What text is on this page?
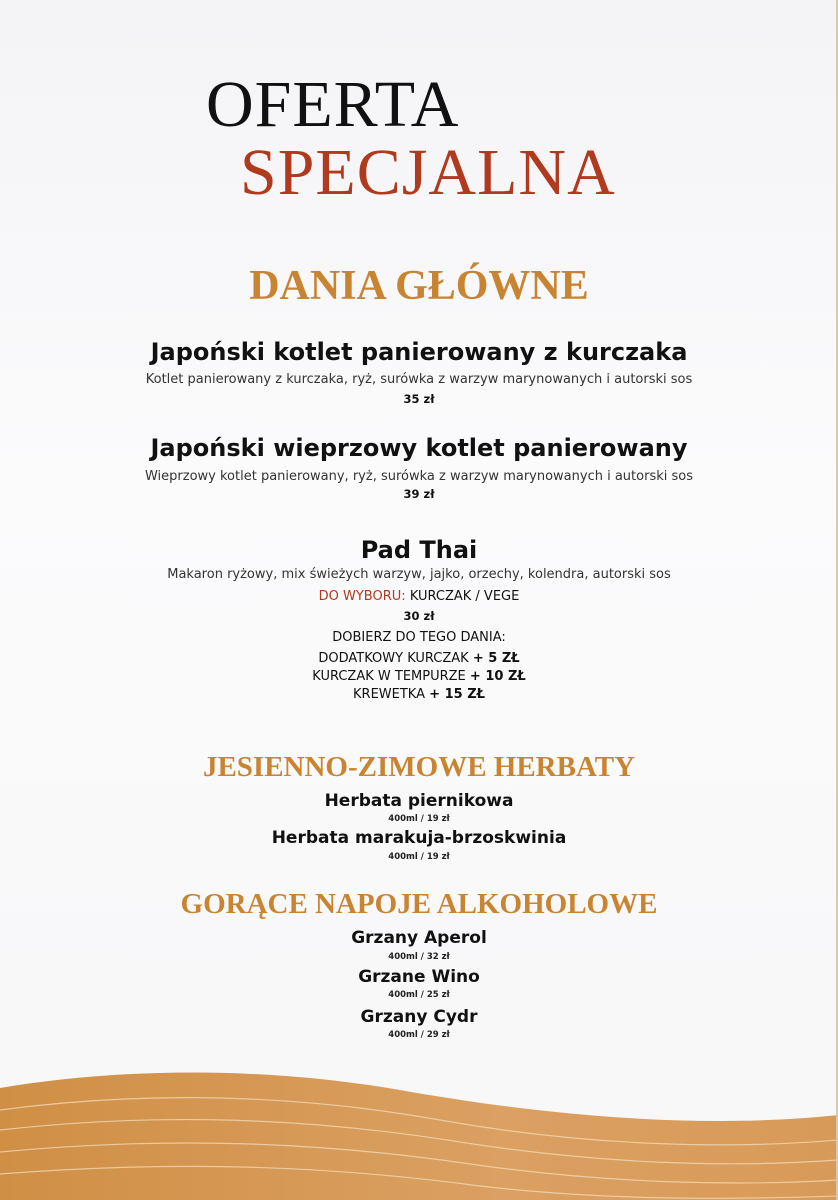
OFERTA
SPECJALNA
DANIA GŁÓWNE
Japoński kotlet panierowany z kurczaka
Kotlet panierowany z kurczaka, ryż, surówka z warzyw marynowanych i autorski sos
35 zł
Japoński wieprzowy kotlet panierowany
Wieprzowy kotlet panierowany, ryż, surówka z warzyw marynowanych i autorski sos
39 zł
Pad Thai
Makaron ryżowy, mix świeżych warzyw, jajko, orzechy, kolendra, autorski sos
DO WYBORU: KURCZAK / VEGE
30 zł
DOBIERZ DO TEGO DANIA:
DODATKOWY KURCZAK + 5 ZŁ
KURCZAK W TEMPURZE + 10 ZŁ
KREWETKA + 15 ZŁ
JESIENNO-ZIMOWE HERBATY
Herbata piernikowa
400ml / 19 zł
Herbata marakuja-brzoskwinia
400ml / 19 zł
GORĄCE NAPOJE ALKOHOLOWE
Grzany Aperol
400ml / 32 zł
Grzane Wino
400ml / 25 zł
Grzany Cydr
400ml / 29 zł
